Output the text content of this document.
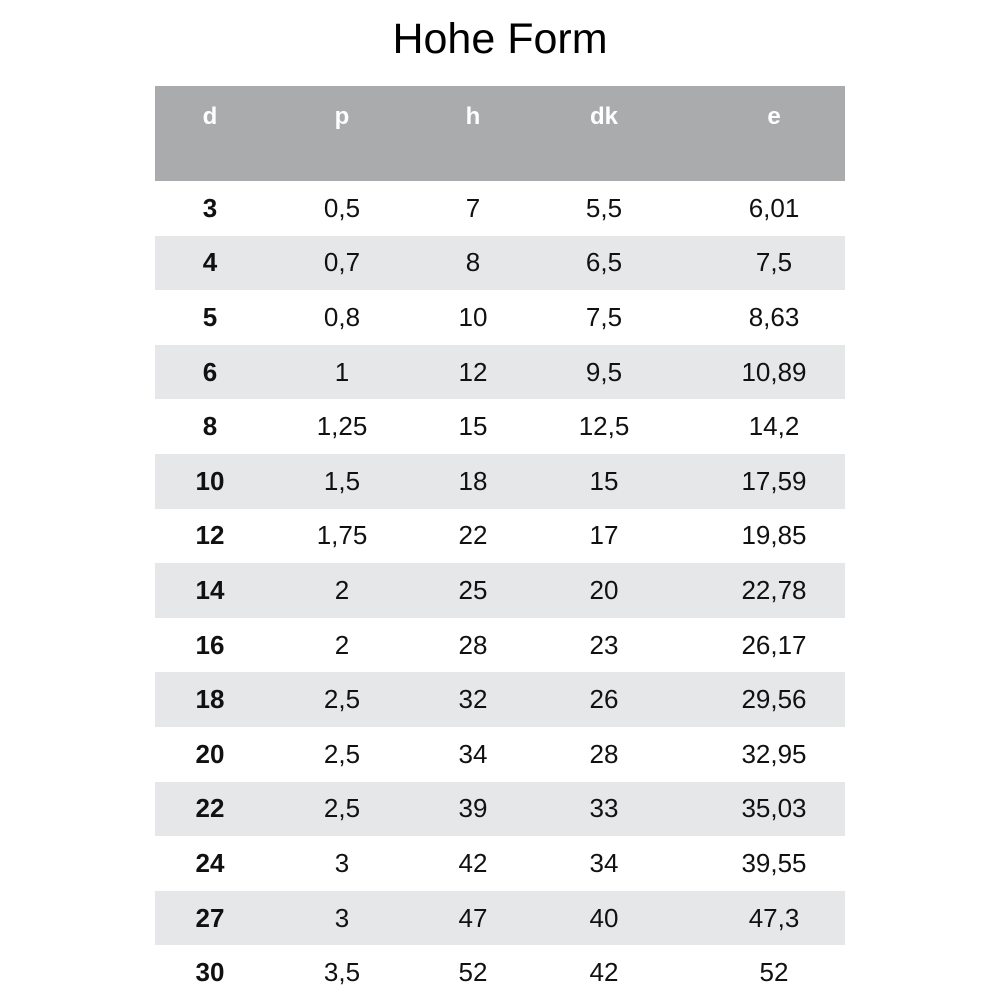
Hohe Form
d	p	h	dk	e
3	0,5	7	5,5	6,01
4	0,7	8	6,5	7,5
5	0,8	10	7,5	8,63
6	1	12	9,5	10,89
8	1,25	15	12,5	14,2
10	1,5	18	15	17,59
12	1,75	22	17	19,85
14	2	25	20	22,78
16	2	28	23	26,17
18	2,5	32	26	29,56
20	2,5	34	28	32,95
22	2,5	39	33	35,03
24	3	42	34	39,55
27	3	47	40	47,3
30	3,5	52	42	52
